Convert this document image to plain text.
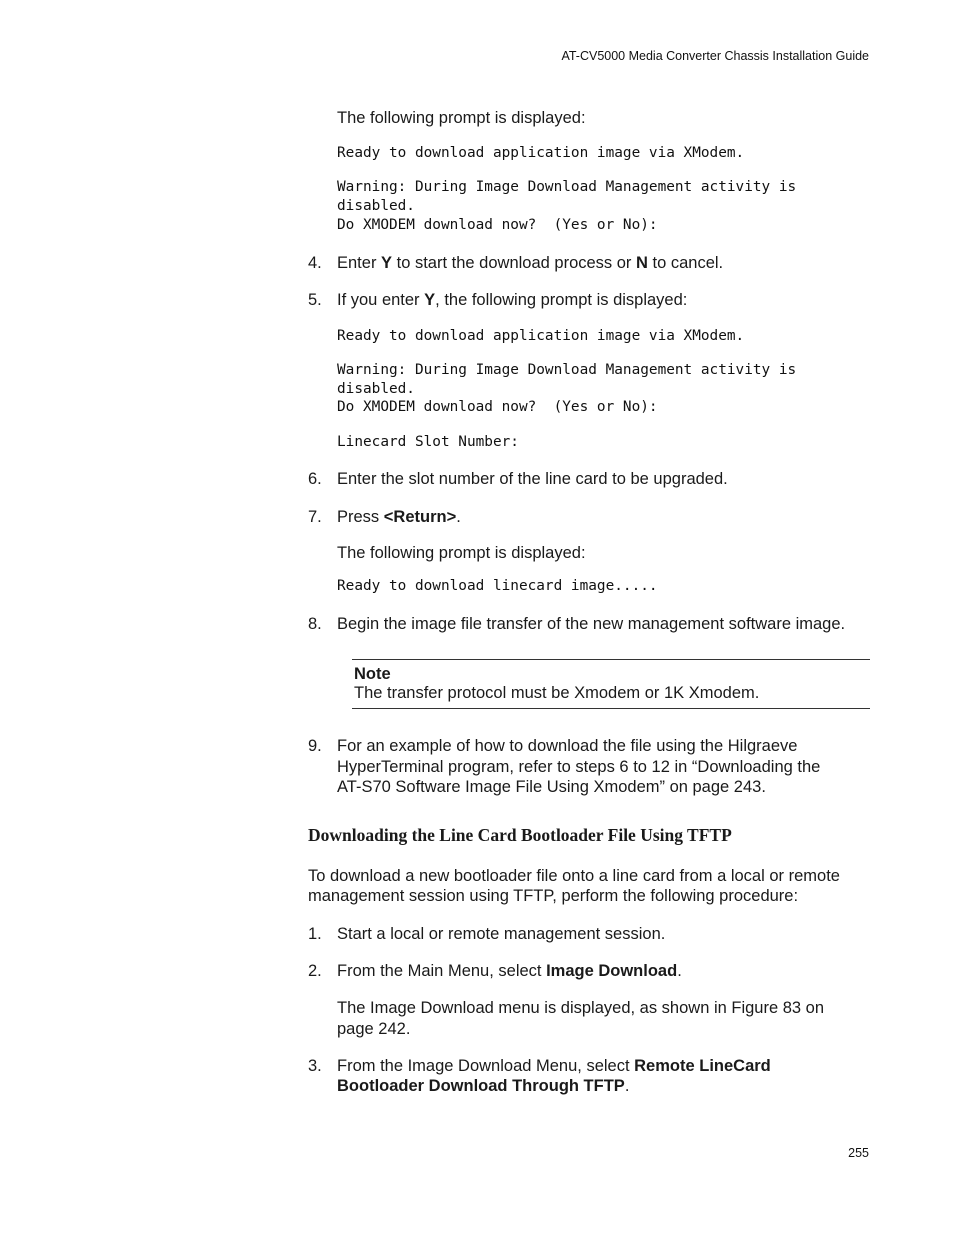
AT-CV5000 Media Converter Chassis Installation Guide
The following prompt is displayed:
Ready to download application image via XModem.
Warning: During Image Download Management activity is
disabled.
Do XMODEM download now?  (Yes or No):
4. Enter Y to start the download process or N to cancel.
5. If you enter Y, the following prompt is displayed:
Ready to download application image via XModem.
Warning: During Image Download Management activity is
disabled.
Do XMODEM download now?  (Yes or No):
Linecard Slot Number:
6. Enter the slot number of the line card to be upgraded.
7. Press <Return>.
The following prompt is displayed:
Ready to download linecard image.....
8. Begin the image file transfer of the new management software image.
Note
The transfer protocol must be Xmodem or 1K Xmodem.
9. For an example of how to download the file using the Hilgraeve
HyperTerminal program, refer to steps 6 to 12 in “Downloading the
AT-S70 Software Image File Using Xmodem” on page 243.
Downloading the Line Card Bootloader File Using TFTP
To download a new bootloader file onto a line card from a local or remote
management session using TFTP, perform the following procedure:
1. Start a local or remote management session.
2. From the Main Menu, select Image Download.
The Image Download menu is displayed, as shown in Figure 83 on
page 242.
3. From the Image Download Menu, select Remote LineCard
Bootloader Download Through TFTP.
255
